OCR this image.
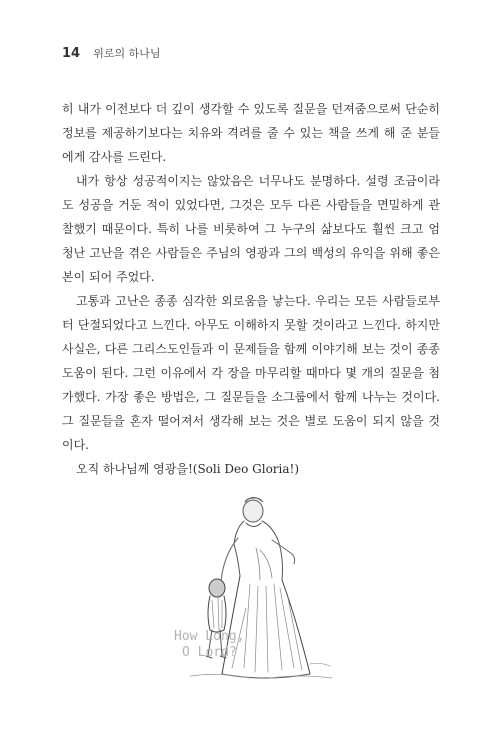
14 위로의 하나님

히 내가 이전보다 더 깊이 생각할 수 있도록 질문을 던져줌으로써 단순히 정보를 제공하기보다는 치유와 격려를 줄 수 있는 책을 쓰게 해 준 분들에게 감사를 드린다.

내가 항상 성공적이지는 않았음은 너무나도 분명하다. 설령 조금이라도 성공을 거둔 적이 있었다면, 그것은 모두 다른 사람들을 면밀하게 관찰했기 때문이다. 특히 나를 비롯하여 그 누구의 삶보다도 훨씬 크고 엄청난 고난을 겪은 사람들은 주님의 영광과 그의 백성의 유익을 위해 좋은 본이 되어 주었다.

고통과 고난은 종종 심각한 외로움을 낳는다. 우리는 모든 사람들로부터 단절되었다고 느낀다. 아무도 이해하지 못할 것이라고 느낀다. 하지만 사실은, 다른 그리스도인들과 이 문제들을 함께 이야기해 보는 것이 종종 도움이 된다. 그런 이유에서 각 장을 마무리할 때마다 몇 개의 질문을 첨가했다. 가장 좋은 방법은, 그 질문들을 소그룹에서 함께 나누는 것이다. 그 질문들을 혼자 떨어져서 생각해 보는 것은 별로 도움이 되지 않을 것이다.

오직 하나님께 영광을!(Soli Deo Gloria!)

How Long,
O Lord?
